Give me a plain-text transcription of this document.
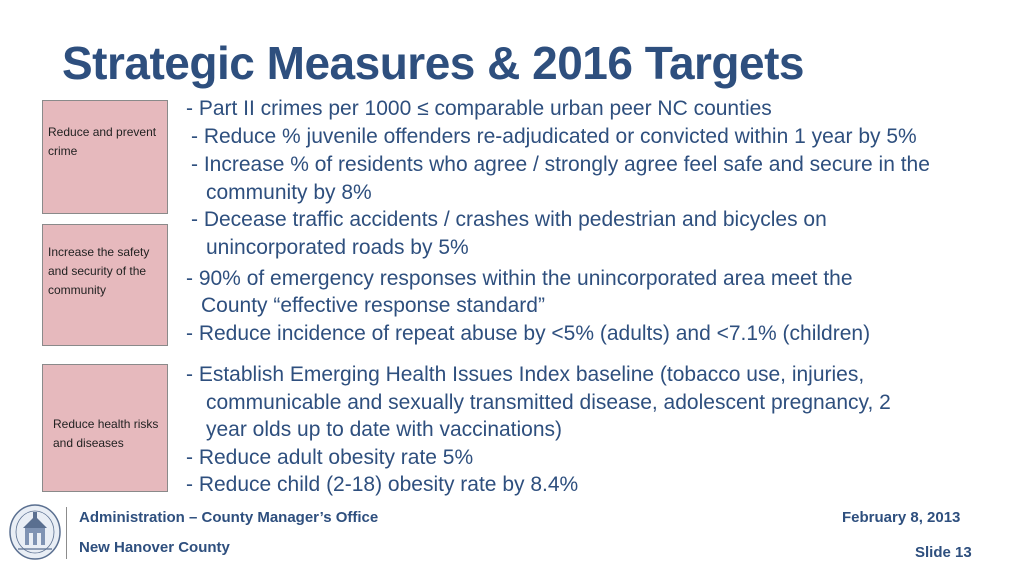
Strategic Measures & 2016 Targets
Reduce and prevent crime
Increase the safety and security of the community
Reduce health risks and diseases
- Part II crimes per 1000 ≤ comparable urban peer NC counties
- Reduce % juvenile offenders re-adjudicated or convicted within 1 year by 5%
- Increase % of residents who agree / strongly agree feel safe and secure in the
community by 8%
- Decease traffic accidents / crashes with pedestrian and bicycles on
unincorporated roads by 5%
- 90% of emergency responses within the unincorporated area meet the
County “effective response standard”
- Reduce incidence of repeat abuse by <5% (adults) and <7.1% (children)
- Establish Emerging Health Issues Index baseline (tobacco use, injuries,
communicable and sexually transmitted disease, adolescent pregnancy, 2
year olds up to date with vaccinations)
- Reduce adult obesity rate 5%
- Reduce child (2-18) obesity rate by 8.4%
Administration – County Manager’s Office
New Hanover County
February 8, 2013
Slide 13
